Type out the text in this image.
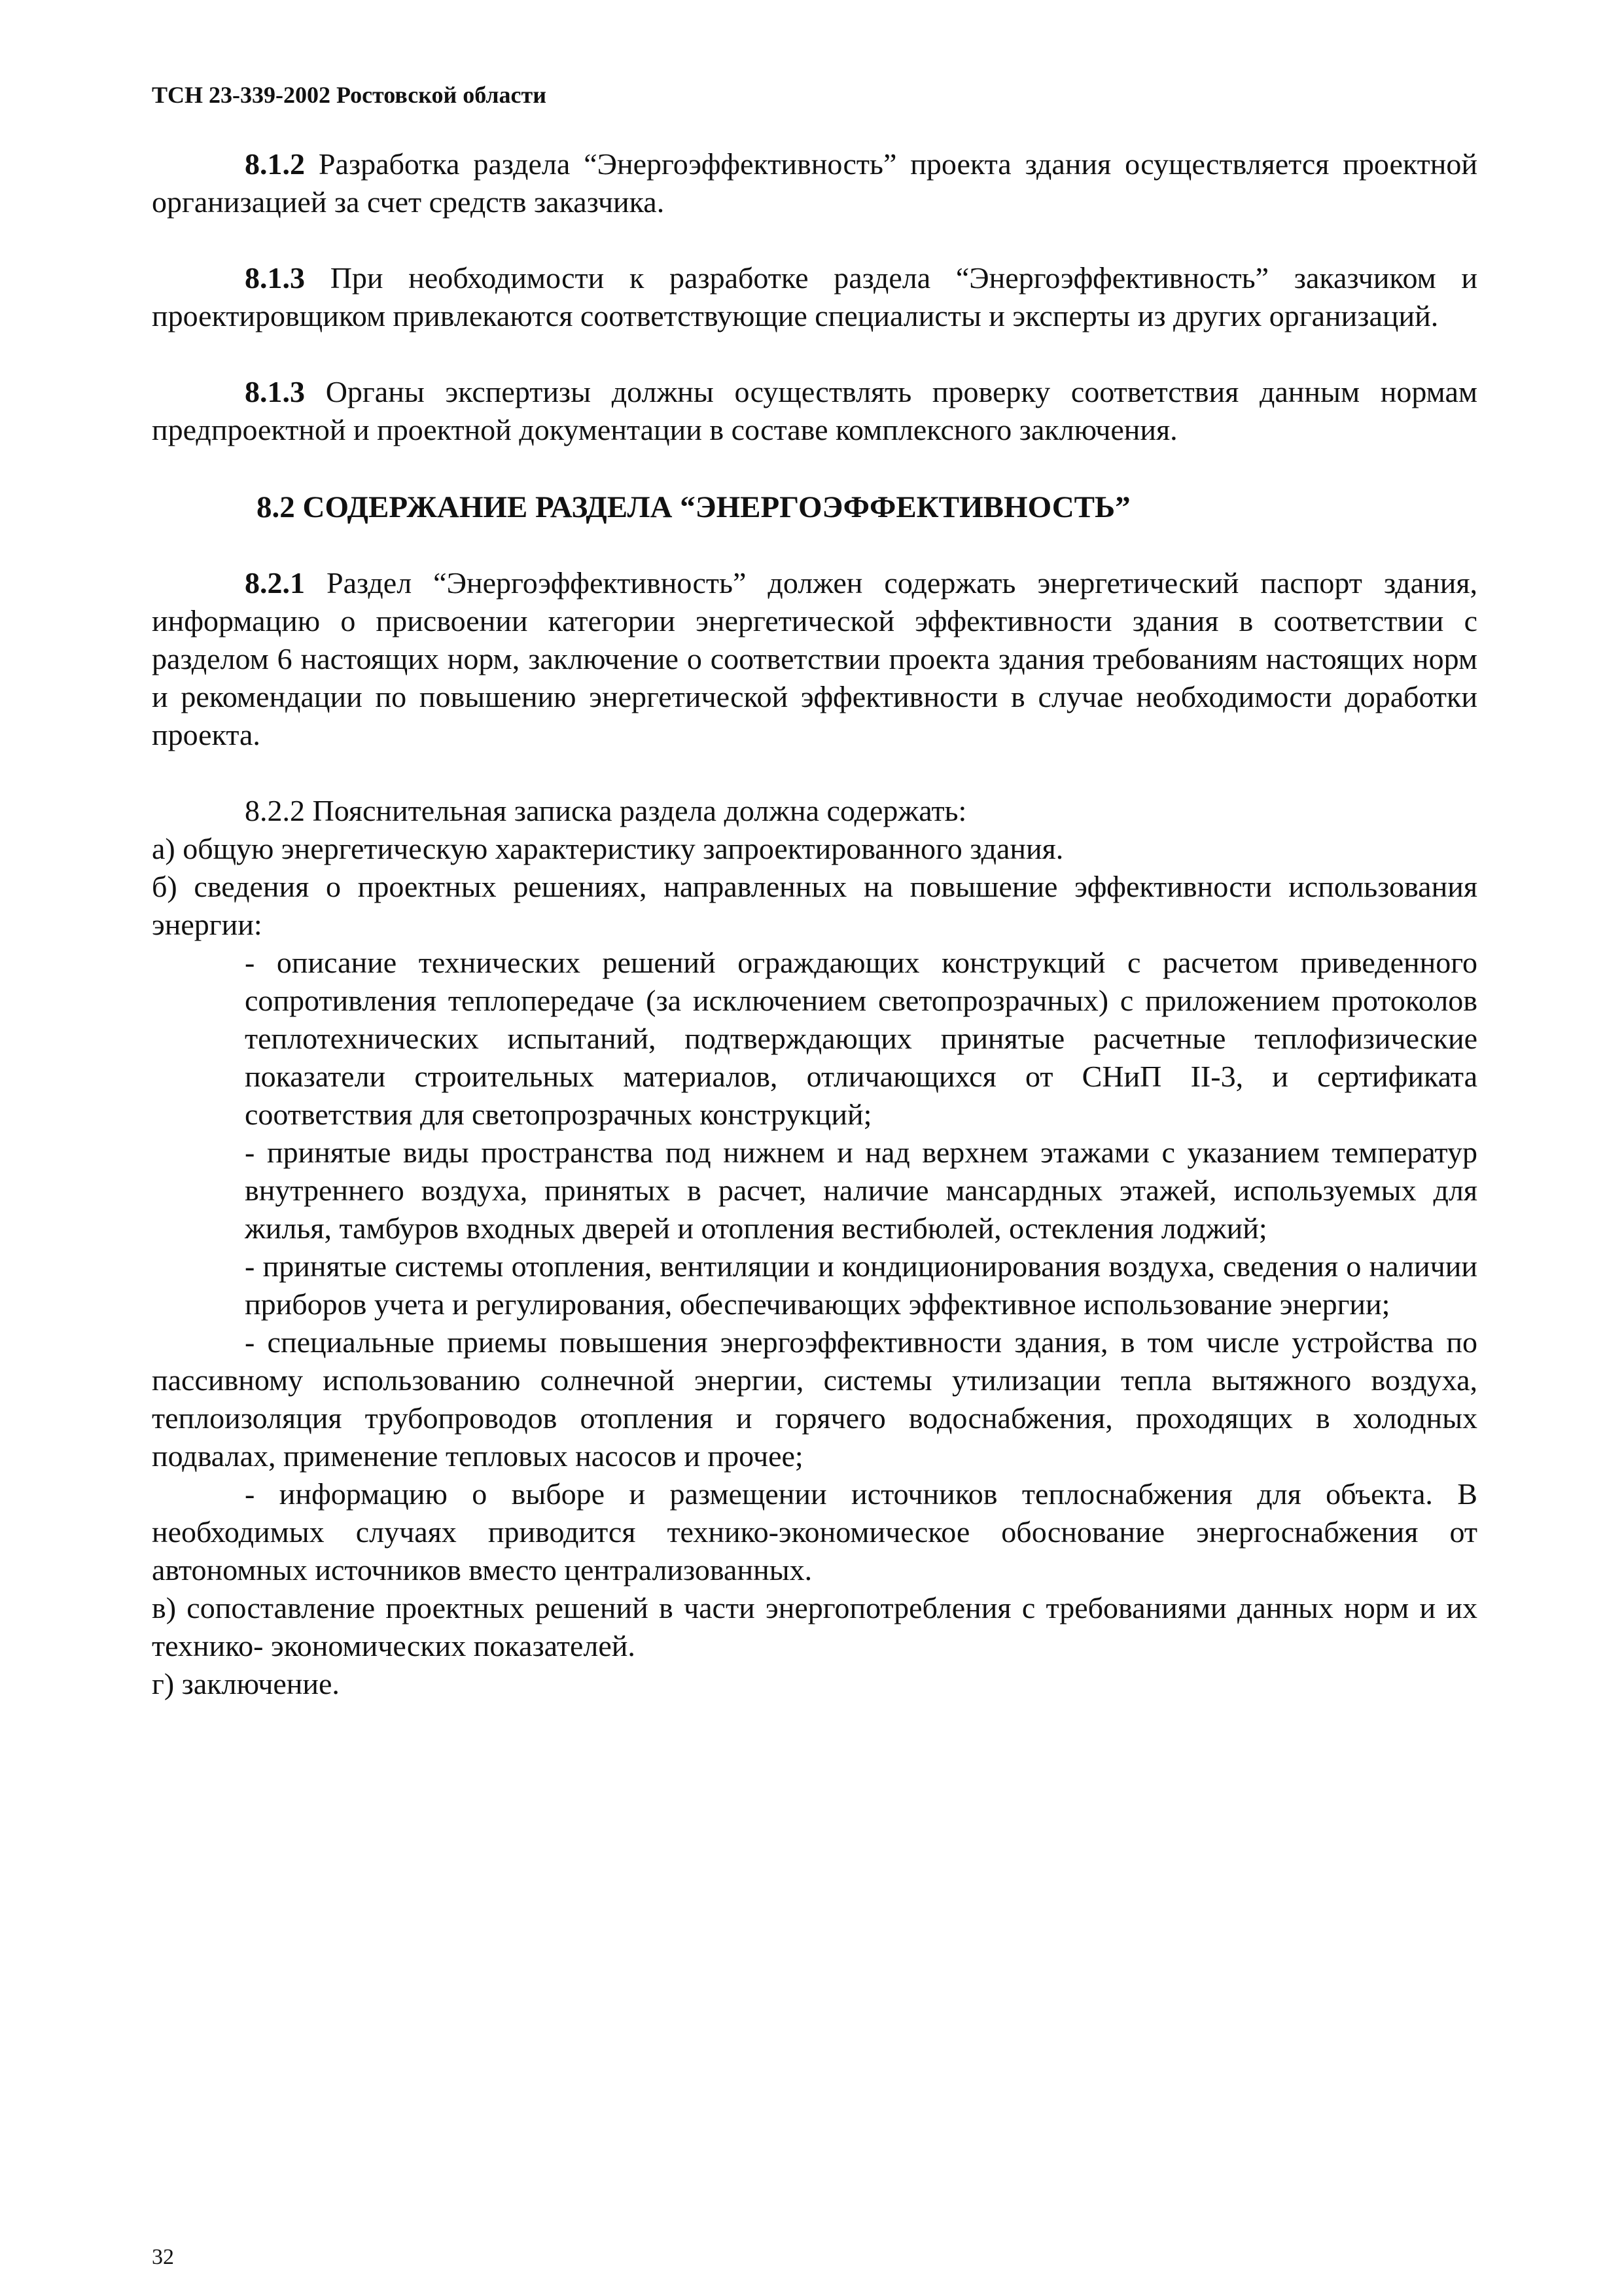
ТСН 23-339-2002 Ростовской области

8.1.2 Разработка раздела “Энергоэффективность” проекта здания осуществляется проектной организацией за счет средств заказчика.

8.1.3 При необходимости к разработке раздела “Энергоэффективность” заказчиком и проектировщиком привлекаются соответствующие специалисты и эксперты из других организаций.

8.1.3 Органы экспертизы должны осуществлять проверку соответствия данным нормам предпроектной и проектной документации в составе комплексного заключения.

8.2 СОДЕРЖАНИЕ РАЗДЕЛА “ЭНЕРГОЭФФЕКТИВНОСТЬ”

8.2.1 Раздел “Энергоэффективность” должен содержать энергетический паспорт здания, информацию о присвоении категории энергетической эффективности здания в соответствии с разделом 6 настоящих норм, заключение о соответствии проекта здания требованиям настоящих норм и рекомендации по повышению энергетической эффективности в случае необходимости доработки проекта.

8.2.2 Пояснительная записка раздела должна содержать:

а) общую энергетическую характеристику запроектированного здания.

б) сведения о проектных решениях, направленных на повышение эффективности использования энергии:

- описание технических решений ограждающих конструкций с расчетом приведенного сопротивления теплопередаче (за исключением светопрозрачных) с приложением протоколов теплотехнических испытаний, подтверждающих принятые расчетные теплофизические показатели строительных материалов, отличающихся от СНиП II-3, и сертификата соответствия для светопрозрачных конструкций;

- принятые виды пространства под нижнем и над верхнем этажами с указанием температур внутреннего воздуха, принятых в расчет, наличие мансардных этажей, используемых для жилья, тамбуров входных дверей и отопления вестибюлей, остекления лоджий;

- принятые системы отопления, вентиляции и кондиционирования воздуха, сведения о наличии приборов учета и регулирования, обеспечивающих эффективное использование энергии;

- специальные приемы повышения энергоэффективности здания, в том числе устройства по пассивному использованию солнечной энергии, системы утилизации тепла вытяжного воздуха, теплоизоляция трубопроводов отопления и горячего водоснабжения, проходящих в холодных подвалах, применение тепловых насосов и прочее;

- информацию о выборе и размещении источников теплоснабжения для объекта. В необходимых случаях приводится технико-экономическое обоснование энергоснабжения от автономных источников вместо централизованных.

в) сопоставление проектных решений в части энергопотребления с требованиями данных норм и их технико- экономических показателей.

г) заключение.

32
